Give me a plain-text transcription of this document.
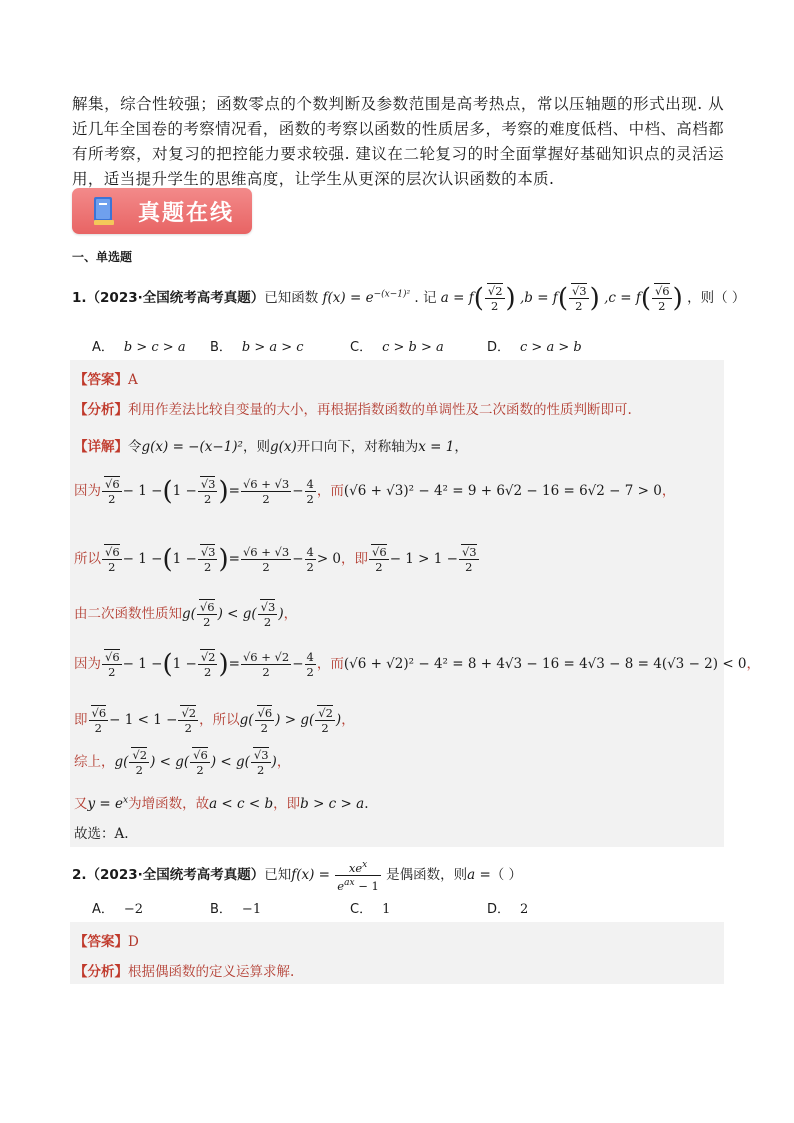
解集，综合性较强；函数零点的个数判断及参数范围是高考热点，常以压轴题的形式出现. 从近几年全国卷的考察情况看，函数的考察以函数的性质居多，考察的难度低档、中档、高档都有所考察，对复习的把控能力要求较强. 建议在二轮复习的时全面掌握好基础知识点的灵活运用，适当提升学生的思维高度，让学生从更深的层次认识函数的本质.
真题在线
一、单选题
1.（2023·全国统考高考真题）已知函数 $f(x) = e^{-(x-1)^2}$ . 记 $a = f( \frac{√2}{2}$ ) $,b = f( \frac{√3}{2}$ ) $,c = f( \frac{√6}{2}$ ) ，则（ ）
A． b > c > a B． b > a > c	C． c > b > a	D． c > a > b
【答案】A
【分析】利用作差法比较自变量的大小，再根据指数函数的单调性及二次函数的性质判断即可.
【详解】令g(x) = −(x−1)²，则g(x)开口向下，对称轴为x = 1，
因为 $\frac{√6}{2} - 1 -(1 - \frac{√3}{2}$ )= $\frac{√6 + √3}{2} - \frac{4}{2}$ ，而(√6 + √3)² − 4² = 9 + 6√2 − 16 = 6√2 − 7 > 0，
所以 $\frac{√6}{2} - 1 -(1 - \frac{√3}{2}$ )= $\frac{√6 + √3}{2} - \frac{4}{2} > 0$，即 $\frac{√6}{2} - 1 > 1 - \frac{√3}{2}$
由二次函数性质知$g( \frac{√6}{2}$ ) < $g( \frac{√3}{2}$ )，
因为 $\frac{√6}{2} - 1 -(1 - \frac{√2}{2}$ )= $\frac{√6 + √2}{2} - \frac{4}{2}$ ，而(√6 + √2)² − 4² = 8 + 4√3 − 16 = 4√3 − 8 = 4(√3 − 2) < 0，
即 $\frac{√6}{2} - 1 < 1 - \frac{√2}{2}$ ，所以$g( \frac{√6}{2}$ ) > $g( \frac{√2}{2}$ )，
综上，$g( \frac{√2}{2}$ ) < $g( \frac{√6}{2}$ ) < $g( \frac{√3}{2}$ )，
又$y = e^x$为增函数，故a < c < b，即b > c > a.
故选：A.
2.（2023·全国统考高考真题）已知$f(x) = \frac{xe^x}{e^{ax} - 1}$ 是偶函数，则a =（ ）
A． −2	B． −1	C． 1	D． 2
【答案】D
【分析】根据偶函数的定义运算求解.
